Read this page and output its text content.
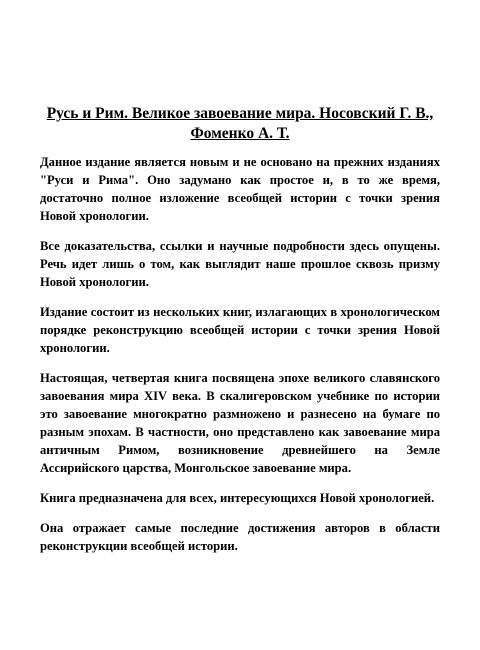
Русь и Рим. Великое завоевание мира. Носовский Г. В., Фоменко А. Т.

Данное издание является новым и не основано на прежних изданиях "Руси и Рима". Оно задумано как простое и, в то же время, достаточно полное изложение всеобщей истории с точки зрения Новой хронологии.

Все доказательства, ссылки и научные подробности здесь опущены. Речь идет лишь о том, как выглядит наше прошлое сквозь призму Новой хронологии.

Издание состоит из нескольких книг, излагающих в хронологическом порядке реконструкцию всеобщей истории с точки зрения Новой хронологии.

Настоящая, четвертая книга посвящена эпохе великого славянского завоевания мира XIV века. В скалигеровском учебнике по истории это завоевание многократно размножено и разнесено на бумаге по разным эпохам. В частности, оно представлено как завоевание мира античным Римом, возникновение древнейшего на Земле Ассирийского царства, Монгольское завоевание мира.

Книга предназначена для всех, интересующихся Новой хронологией.

Она отражает самые последние достижения авторов в области реконструкции всеобщей истории.
